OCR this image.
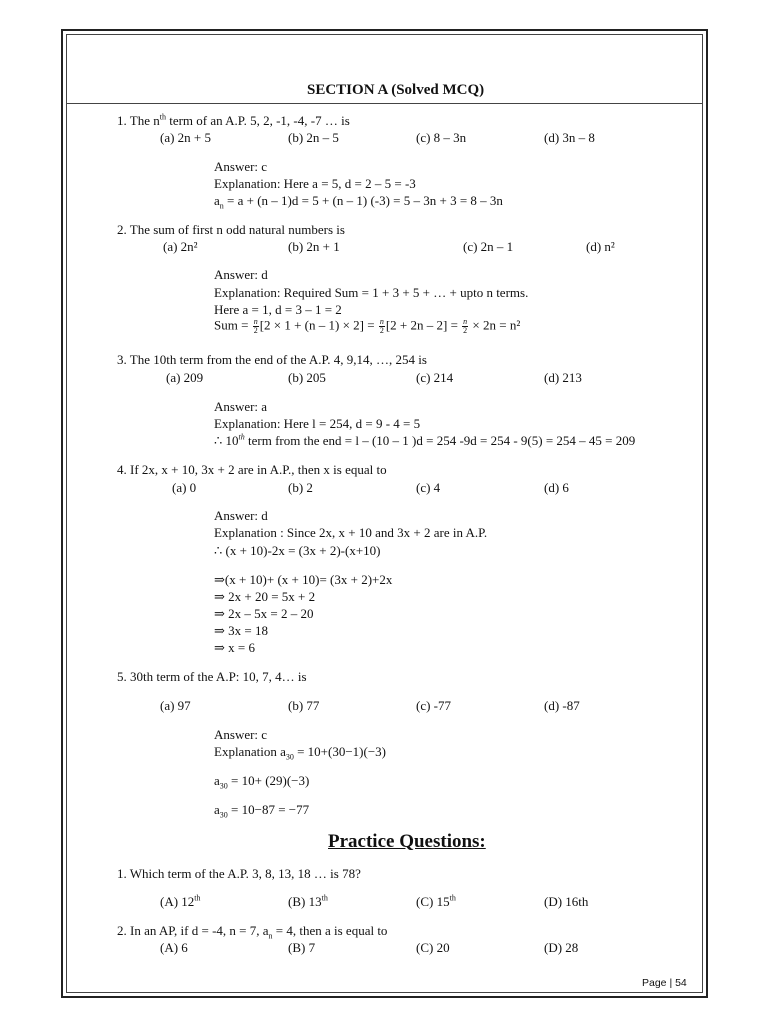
SECTION A (Solved MCQ)
1. The $n^{th}$ term of an A.P. 5, 2, -1, -4, -7 … is
(a) 2n + 5	(b) 2n – 5	(c) 8 – 3n	(d) 3n – 8
Answer: c
Explanation: Here a = 5, d = 2 – 5 = -3
$a_n = a + (n - 1)d = 5 + (n - 1) (-3) = 5 - 3n + 3 = 8 - 3n$
2. The sum of first n odd natural numbers is
(a) 2n²	(b) 2n + 1	(c) 2n – 1	(d) n²
Answer: d
Explanation: Required Sum = 1 + 3 + 5 + … + upto n terms.
Here a = 1, d = 3 – 1 = 2
Sum = $\frac{n}{2} [2 \times 1 + (n - 1) \times 2] = \frac{n}{2} [2 + 2n - 2] = \frac{n}{2} \times 2n = n^2$
3. The 10th term from the end of the A.P. 4, 9,14, …, 254 is
(a) 209	(b) 205	(c) 214	(d) 213
Answer: a
Explanation: Here l = 254, d = 9 - 4 = 5
∴ 10th term from the end = l – (10 – 1 )d = 254 -9d = 254 - 9(5) = 254 – 45 = 209
4. If 2x, x + 10, 3x + 2 are in A.P., then x is equal to
(a) 0	(b) 2	(c) 4	(d) 6
Answer: d
Explanation : Since 2x, x + 10 and 3x + 2 are in A.P.
∴ (x + 10)-2x = (3x + 2)-(x+10)
⇒(x + 10)+ (x + 10)= (3x + 2)+2x
⇒ 2x + 20 = 5x + 2
⇒ 2x – 5x = 2 – 20
⇒ 3x = 18
⇒ x = 6
5. 30th term of the A.P: 10, 7, 4… is
(a) 97	(b) 77	(c) -77	(d) -87
Answer: c
Explanation $a_{30} = 10+(30-1)(-3)$
$a_{30} = 10+ (29)(-3)$
$a_{30} = 10-87 = -77$
Practice Questions:
1. Which term of the A.P. 3, 8, 13, 18 … is 78?
(A) 12th	(B) 13th	(C) 15th	(D) 16th
2. In an AP, if d = -4, n = 7, $a_n = 4$, then a is equal to
(A) 6	(B) 7	(C) 20	(D) 28
Page | 54
